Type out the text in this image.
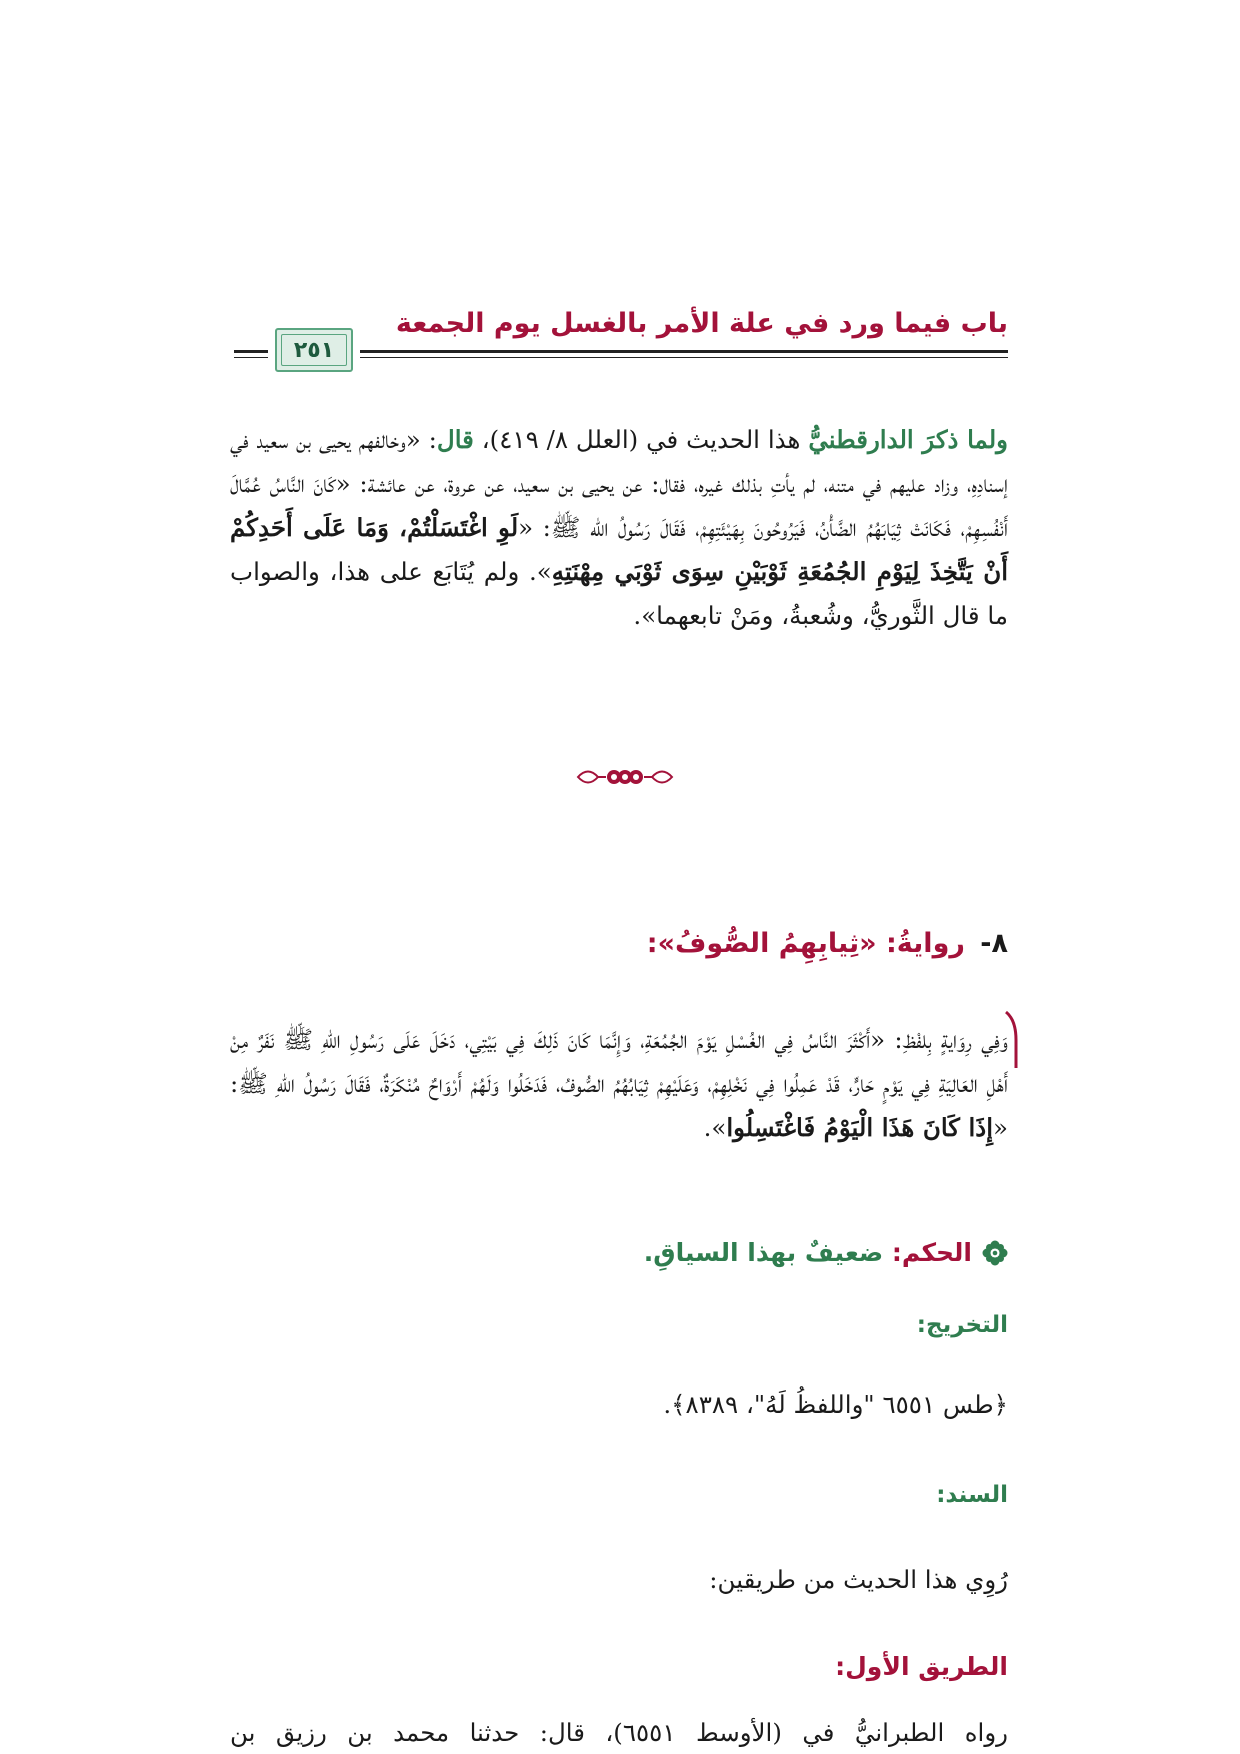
باب فيما ورد في علة الأمر بالغسل يوم الجمعة
٢٥١
ولما ذكرَ الدارقطنيُّ هذا الحديث في (العلل ٨/ ٤١٩)، قال: «وخالفهم يحيى بن سعيد في إسنادِهِ، وزاد عليهم في متنه، لم يأتِ بذلك غيره، فقال: عن يحيى بن سعيد، عن عروة، عن عائشة: «كَانَ النَّاسُ عُمَّالَ أَنْفُسِهِمْ، فَكَانَتْ ثِيَابَهُمُ الضَّأْنُ، فَيَرُوحُونَ بِهَيْئَتِهِمْ، فَقَالَ رَسُولُ الله ﷺ: «لَوِ اغْتَسَلْتُمْ، وَمَا عَلَى أَحَدِكُمْ أَنْ يَتَّخِذَ لِيَوْمِ الجُمُعَةِ ثَوْبَيْنِ سِوَى ثَوْبَي مِهْنَتِهِ». ولم يُتَابَع على هذا، والصواب ما قال الثَّوريُّ، وشُعبةُ، ومَنْ تابعهما».
٨- روايةُ: «ثِيابِهِمُ الصُّوفُ»:
وَفِي رِوَايةٍ بِلفْظِ: «أَكْثَرَ النَّاسُ فِي الغُسْلِ يَوْمَ الجُمُعَةِ، وَإِنَّمَا كَانَ ذَلِكَ فِي بَيْتِي، دَخَلَ عَلَى رَسُولِ اللهِ ﷺ نَفَرٌ مِنْ أَهْلِ العَالِيَةِ فِي يَوْمٍ حَارٍّ، قَدْ عَمِلُوا فِي نَخْلِهِمْ، وَعَلَيْهِمْ ثِيَابُهُمُ الصُّوفُ، فَدَخَلُوا وَلَهُمْ أَرْوَاحٌ مُنْكَرَةٌ، فَقَالَ رَسُولُ اللهِ ﷺ: «إِذَا كَانَ هَذَا الْيَوْمُ فَاغْتَسِلُوا».
الحكم: ضعيفٌ بهذا السياقِ.
التخريج:
﴿طس ٦٥٥١ "واللفظُ لَهُ"، ٨٣٨٩﴾.
السند:
رُوِي هذا الحديث من طريقين:
الطريق الأول:
رواه الطبرانيُّ في (الأوسط ٦٥٥١)، قال: حدثنا محمد بن رزيق بن
